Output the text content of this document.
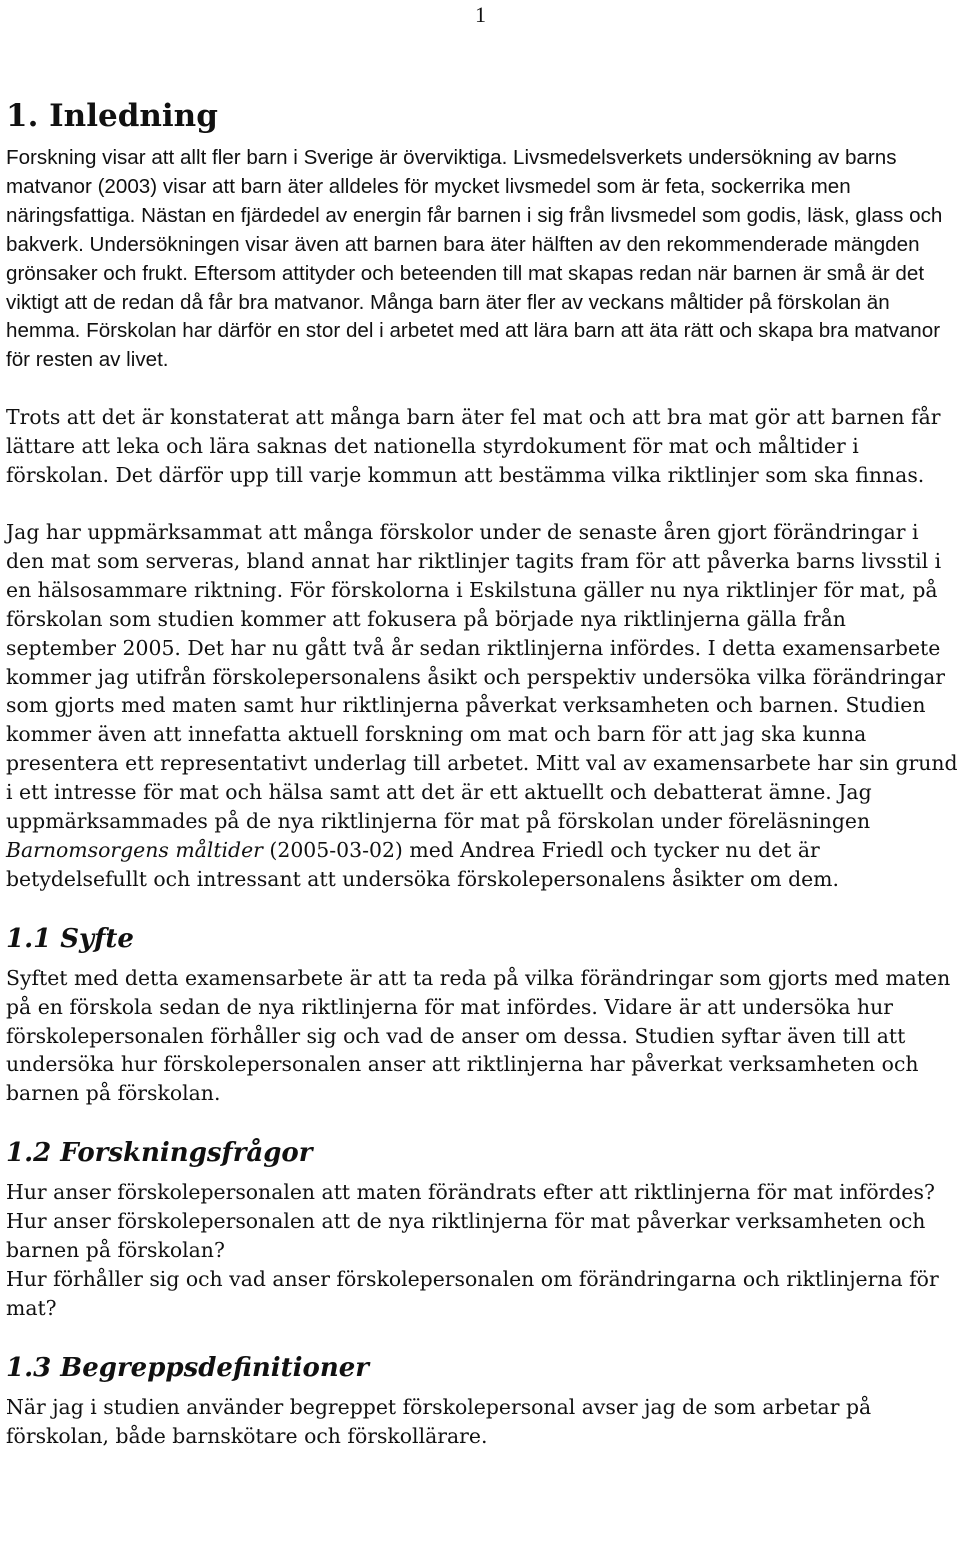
1
1. Inledning

Forskning visar att allt fler barn i Sverige är överviktiga. Livsmedelsverkets undersökning av barns matvanor (2003) visar att barn äter alldeles för mycket livsmedel som är feta, sockerrika men näringsfattiga. Nästan en fjärdedel av energin får barnen i sig från livsmedel som godis, läsk, glass och bakverk. Undersökningen visar även att barnen bara äter hälften av den rekommenderade mängden grönsaker och frukt. Eftersom attityder och beteenden till mat skapas redan när barnen är små är det viktigt att de redan då får bra matvanor. Många barn äter fler av veckans måltider på förskolan än hemma. Förskolan har därför en stor del i arbetet med att lära barn att äta rätt och skapa bra matvanor för resten av livet.

Trots att det är konstaterat att många barn äter fel mat och att bra mat gör att barnen får lättare att leka och lära saknas det nationella styrdokument för mat och måltider i förskolan. Det därför upp till varje kommun att bestämma vilka riktlinjer som ska finnas.

Jag har uppmärksammat att många förskolor under de senaste åren gjort förändringar i den mat som serveras, bland annat har riktlinjer tagits fram för att påverka barns livsstil i en hälsosammare riktning. För förskolorna i Eskilstuna gäller nu nya riktlinjer för mat, på förskolan som studien kommer att fokusera på började nya riktlinjerna gälla från september 2005. Det har nu gått två år sedan riktlinjerna infördes. I detta examensarbete kommer jag utifrån förskolepersonalens åsikt och perspektiv undersöka vilka förändringar som gjorts med maten samt hur riktlinjerna påverkat verksamheten och barnen. Studien kommer även att innefatta aktuell forskning om mat och barn för att jag ska kunna presentera ett representativt underlag till arbetet. Mitt val av examensarbete har sin grund i ett intresse för mat och hälsa samt att det är ett aktuellt och debatterat ämne. Jag uppmärksammades på de nya riktlinjerna för mat på förskolan under föreläsningen Barnomsorgens måltider (2005-03-02) med Andrea Friedl och tycker nu det är betydelsefullt och intressant att undersöka förskolepersonalens åsikter om dem.

1.1 Syfte

Syftet med detta examensarbete är att ta reda på vilka förändringar som gjorts med maten på en förskola sedan de nya riktlinjerna för mat infördes. Vidare är att undersöka hur förskolepersonalen förhåller sig och vad de anser om dessa. Studien syftar även till att undersöka hur förskolepersonalen anser att riktlinjerna har påverkat verksamheten och barnen på förskolan.

1.2 Forskningsfrågor

Hur anser förskolepersonalen att maten förändrats efter att riktlinjerna för mat infördes?

Hur anser förskolepersonalen att de nya riktlinjerna för mat påverkar verksamheten och barnen på förskolan?

Hur förhåller sig och vad anser förskolepersonalen om förändringarna och riktlinjerna för mat?

1.3 Begreppsdefinitioner

När jag i studien använder begreppet förskolepersonal avser jag de som arbetar på förskolan, både barnskötare och förskollärare.
